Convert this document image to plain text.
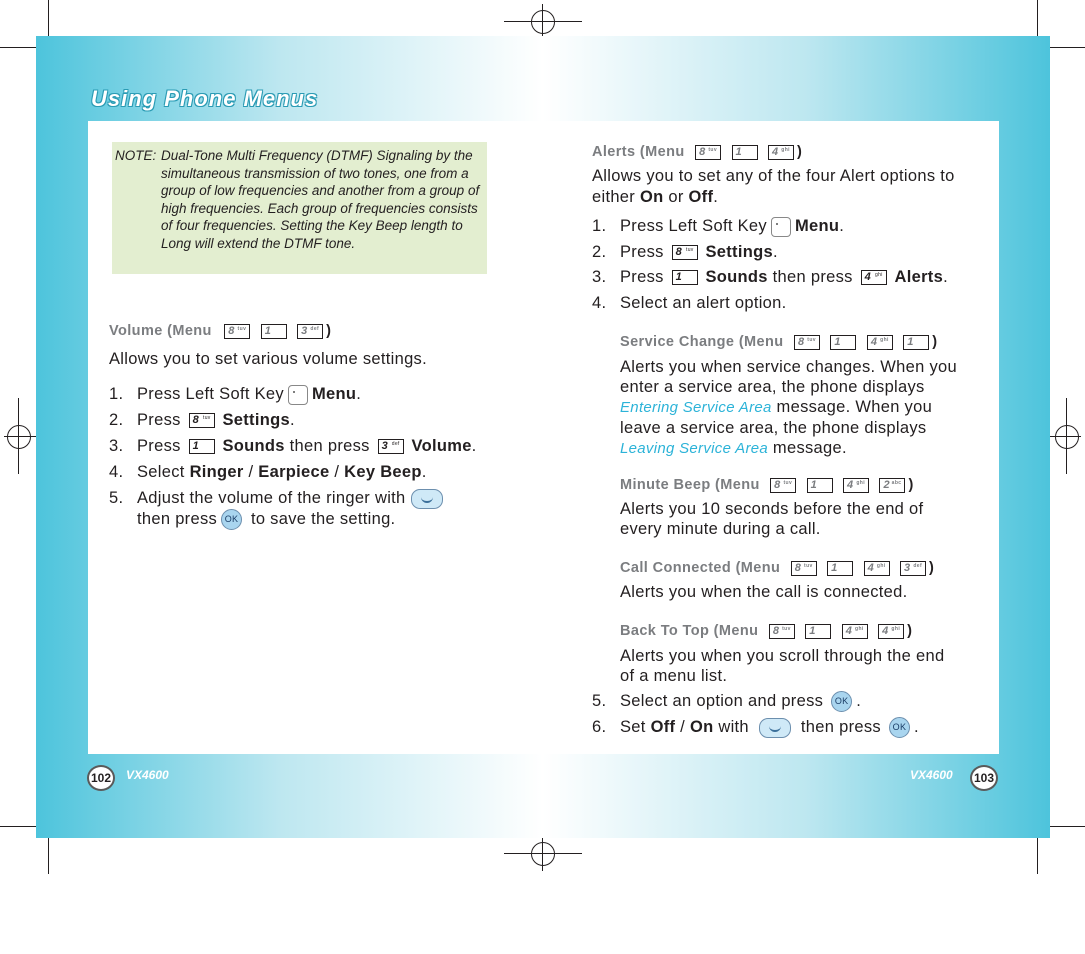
Using Phone Menus
NOTE: Dual-Tone Multi Frequency (DTMF) Signaling by the simultaneous transmission of two tones, one from a group of low frequencies and another from a group of high frequencies. Each group of frequencies consists of four frequencies. Setting the Key Beep length to Long will extend the DTMF tone.
Volume (Menu 8 tuv
1
	3 def )
Allows you to set various volume settings.
1. Press Left Soft Key Menu.
2. Press 8 tuv Settings.
3. Press 1 Sounds then press 3 def Volume.
4. Select Ringer / Earpiece / Key Beep.
5. Adjust the volume of the ringer with
then press OK to save the setting.
Alerts (Menu 8 tuv
1
	4 ghi )
Allows you to set any of the four Alert options to
either On or Off.
1. Press Left Soft Key Menu.
2. Press 8 tuv Settings.
3. Press 1 Sounds then press 4 ghi Alerts.
4. Select an alert option.
Service Change (Menu 8 tuv
1
	4 ghi
1 )
Alerts you when service changes. When you
enter a service area, the phone displays
Entering Service Area message. When you
leave a service area, the phone displays
Leaving Service Area message.
Minute Beep (Menu 8 tuv
1
	4 ghi
2 abc )
Alerts you 10 seconds before the end of
every minute during a call.
Call Connected (Menu 8 tuv
1
	4 ghi
3 def )
Alerts you when the call is connected.
Back To Top (Menu 8 tuv
1
	4 ghi
4 ghi )
Alerts you when you scroll through the end
of a menu list.
5. Select an option and press OK .
6. Set Off / On with	then press OK .
102	VX4600	VX4600	103
